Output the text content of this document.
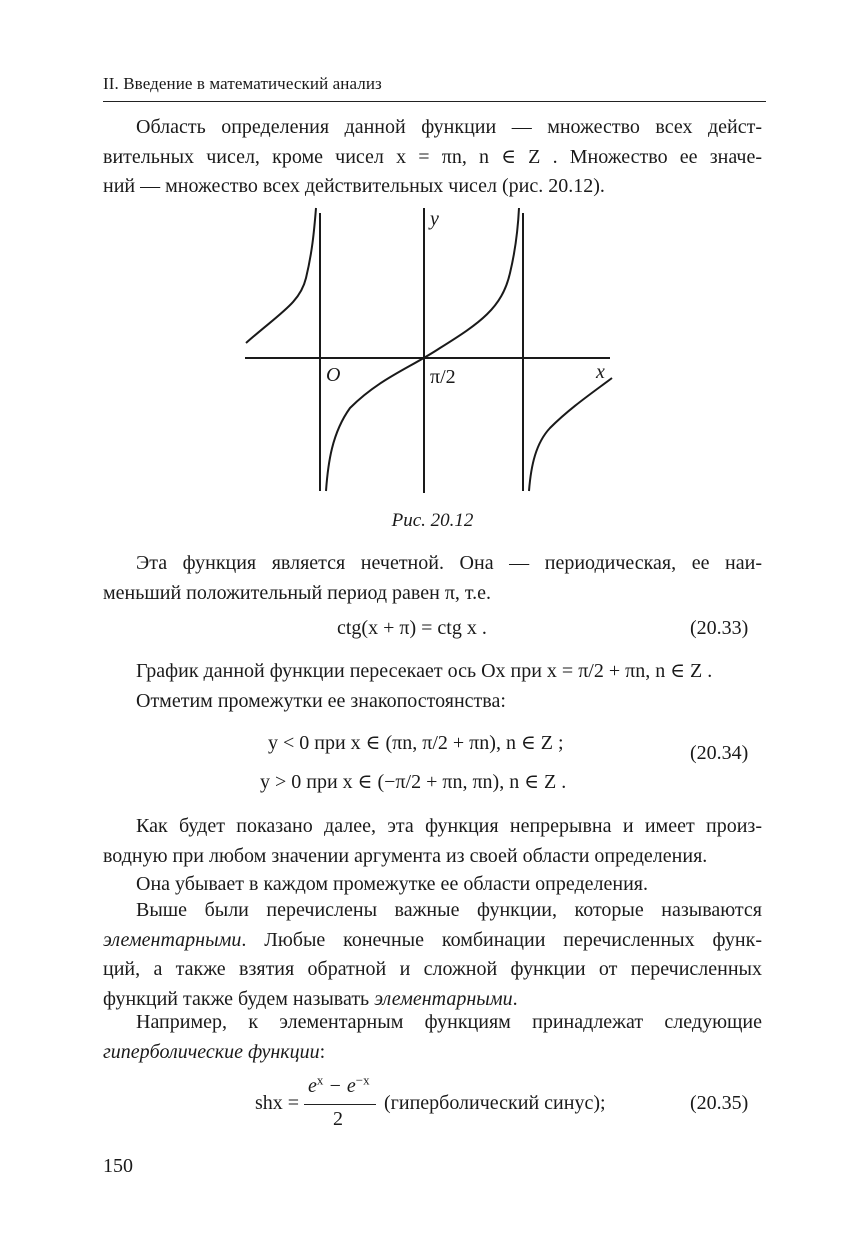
II. Введение в математический анализ
Область определения данной функции — множество всех дейст-
вительных чисел, кроме чисел x = πn, n ∈ Z . Множество ее значе-
ний — множество всех действительных чисел (рис. 20.12).
y
x
O	π/2
Рис. 20.12
Эта функция является нечетной. Она — периодическая, ее наи-
меньший положительный период равен π, т.е.
ctg(x + π) = ctg x .	(20.33)
График данной функции пересекает ось Ox при x = π/2 + πn, n ∈ Z .
Отметим промежутки ее знакопостоянства:
y < 0 при x ∈ (πn, π/2 + πn), n ∈ Z ;
y > 0 при x ∈ (−π/2 + πn, πn), n ∈ Z .
(20.34)
Как будет показано далее, эта функция непрерывна и имеет произ-
водную при любом значении аргумента из своей области определения.
Она убывает в каждом промежутке ее области определения.
Выше были перечислены важные функции, которые называются
элементарными. Любые конечные комбинации перечисленных функ-
ций, а также взятия обратной и сложной функции от перечисленных
функций также будем называть элементарными.
Например, к элементарным функциям принадлежат следующие
гиперболические функции:
shx =
$e^x - e^{-x}$
2
(гиперболический синус);	(20.35)
150
